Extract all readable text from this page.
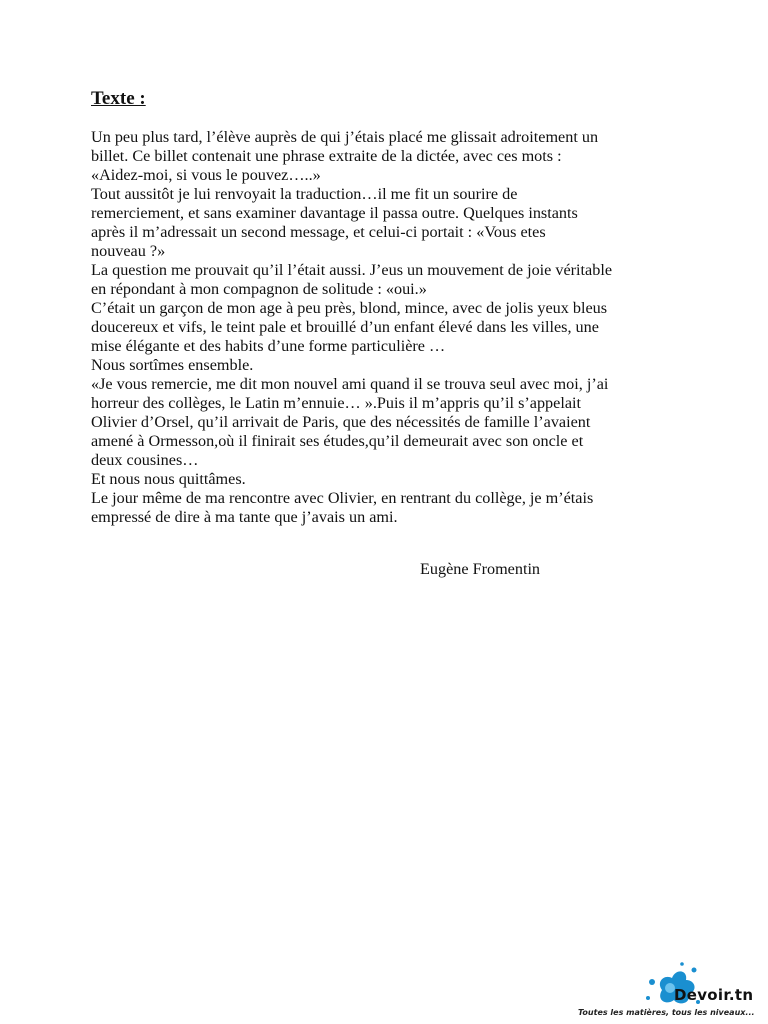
Texte :
Un peu plus tard, l’élève auprès de qui j’étais placé me glissait adroitement un
billet. Ce billet contenait une phrase extraite de la dictée, avec ces mots :
«Aidez-moi, si vous le pouvez…..»
Tout aussitôt je lui renvoyait la traduction…il me fit un sourire de
remerciement, et sans examiner davantage il passa outre. Quelques instants
après il m’adressait un second message, et celui-ci portait : «Vous etes
nouveau ?»
La question me prouvait qu’il l’était aussi. J’eus un mouvement de joie véritable
en répondant à mon compagnon de solitude : «oui.»
C’était un garçon de mon age à peu près, blond, mince, avec de jolis yeux bleus
doucereux et vifs, le teint pale et brouillé d’un enfant élevé dans les villes, une
mise élégante et des habits d’une forme particulière …
Nous sortîmes ensemble.
«Je vous remercie, me dit mon nouvel ami quand il se trouva seul avec moi, j’ai
horreur des collèges, le Latin m’ennuie… ».Puis il m’appris qu’il s’appelait
Olivier d’Orsel, qu’il arrivait de Paris, que des nécessités de famille l’avaient
amené à Ormesson,où il finirait ses études,qu’il demeurait avec son oncle et
deux cousines…
Et nous nous quittâmes.
Le jour même de ma rencontre avec Olivier, en rentrant du collège, je m’étais
empressé de dire à ma tante que j’avais un ami.

Eugène Fromentin

Devoir.tn
Toutes les matières, tous les niveaux...
